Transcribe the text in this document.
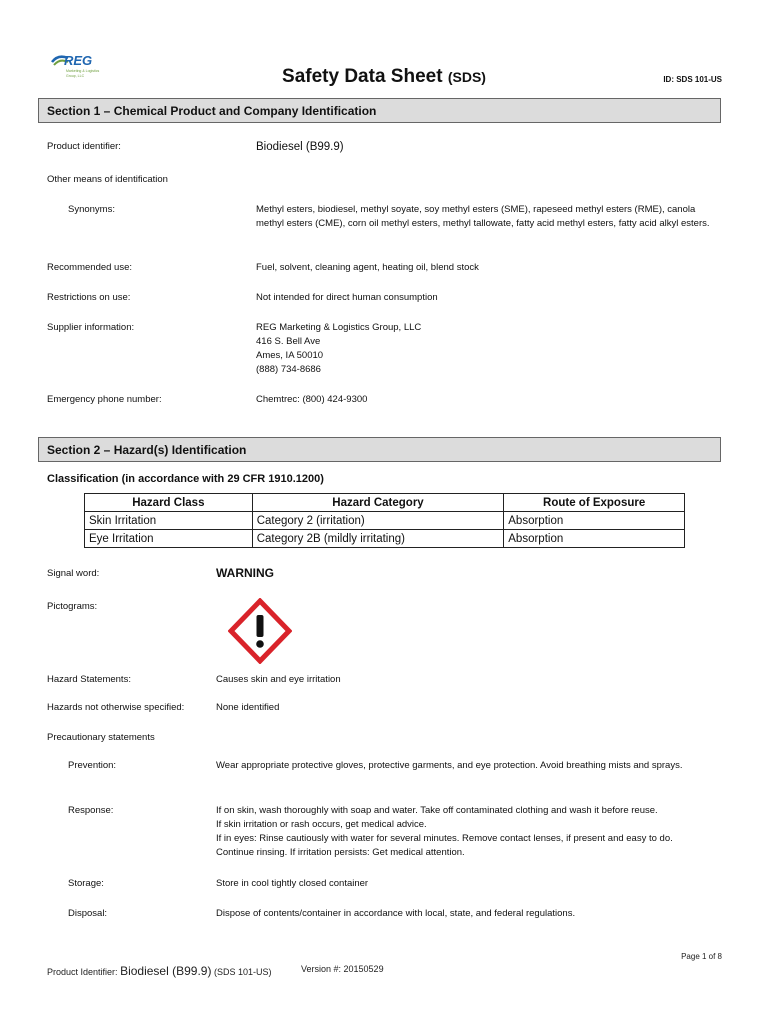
REG
Marketing & Logistics Group, LLC	Safety Data Sheet (SDS)	ID: SDS 101-US
Section 1 – Chemical Product and Company Identification
Product identifier:	Biodiesel (B99.9)
Other means of identification
Synonyms:	Methyl esters, biodiesel, methyl soyate, soy methyl esters (SME), rapeseed methyl esters (RME), canola methyl esters (CME), corn oil methyl esters, methyl tallowate, fatty acid methyl esters, fatty acid alkyl esters.
Recommended use:	Fuel, solvent, cleaning agent, heating oil, blend stock
Restrictions on use:	Not intended for direct human consumption
Supplier information:	REG Marketing & Logistics Group, LLC
416 S. Bell Ave
Ames, IA 50010
(888) 734-8686
Emergency phone number:	Chemtrec: (800) 424-9300
Section 2 – Hazard(s) Identification
Classification (in accordance with 29 CFR 1910.1200)
Hazard Class	Hazard Category	Route of Exposure
Skin Irritation	Category 2 (irritation)	Absorption
Eye Irritation	Category 2B (mildly irritating)	Absorption
Signal word:	WARNING
Pictograms:
Hazard Statements:	Causes skin and eye irritation
Hazards not otherwise specified:	None identified
Precautionary statements
Prevention:	Wear appropriate protective gloves, protective garments, and eye protection. Avoid breathing mists and sprays.
Response:	If on skin, wash thoroughly with soap and water. Take off contaminated clothing and wash it before reuse.
If skin irritation or rash occurs, get medical advice.
If in eyes: Rinse cautiously with water for several minutes. Remove contact lenses, if present and easy to do.
Continue rinsing. If irritation persists: Get medical attention.
Storage:	Store in cool tightly closed container
Disposal:	Dispose of contents/container in accordance with local, state, and federal regulations.
Page 1 of 8
Product Identifier: Biodiesel (B99.9) (SDS 101-US)	Version #: 20150529
